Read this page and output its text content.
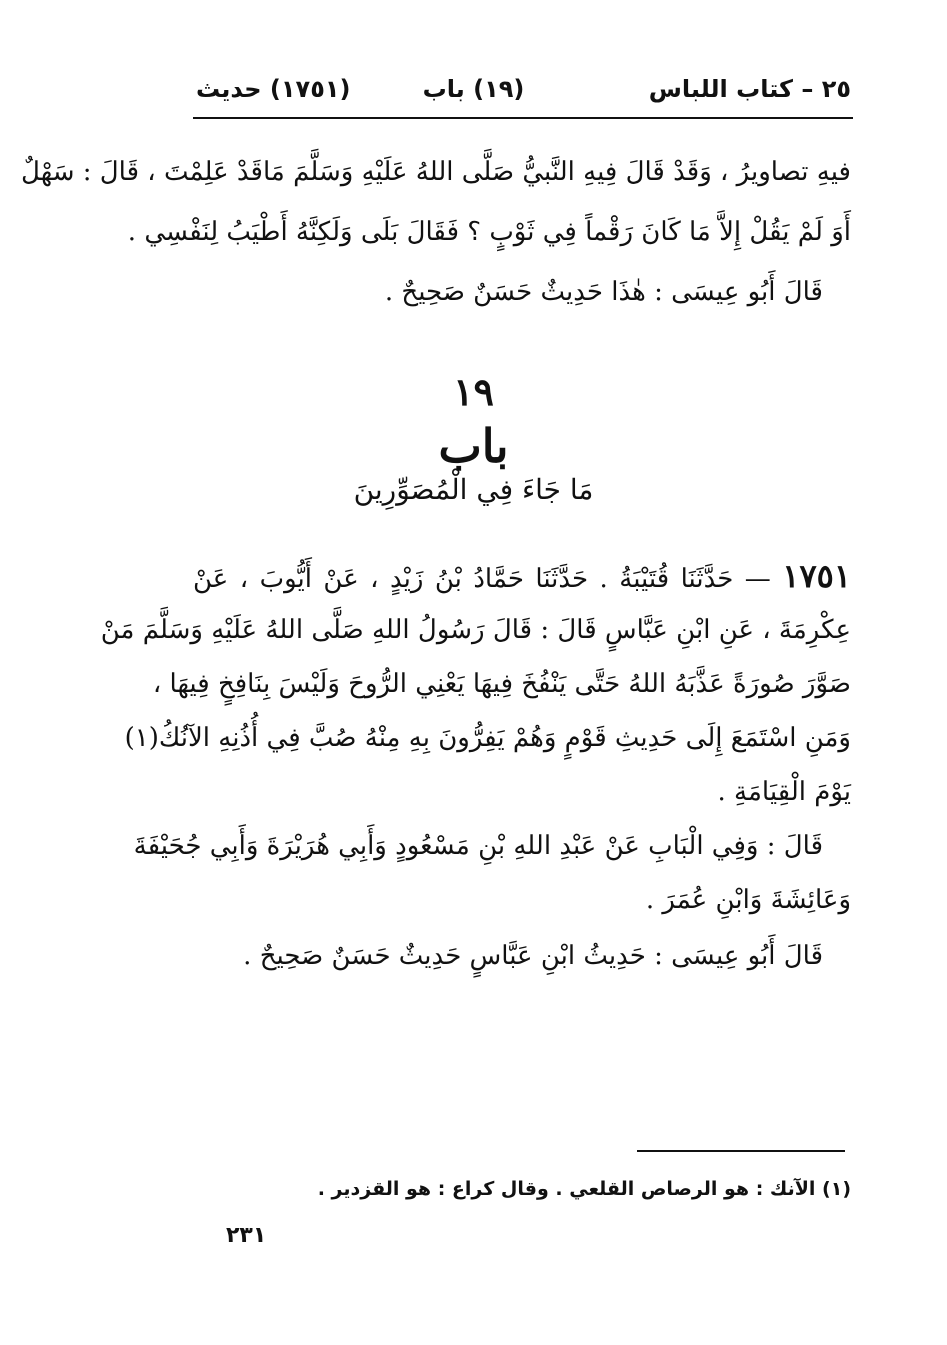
٢٥ – كتاب اللباس
(١٩) باب
(١٧٥١) حديث
فيهِ تصاويرُ ، وَقَدْ قَالَ فِيهِ النَّبيُّ صَلَّى اللهُ عَلَيْهِ وَسَلَّمَ مَاقَدْ عَلِمْتَ ، قَالَ : سَهْلٌ
أَوَ لَمْ يَقُلْ إِلاَّ مَا كَانَ رَقْماً فِي ثَوْبٍ ؟ فَقَالَ بَلَى وَلَكِنَّهُ أَطْيَبُ لِنَفْسِي .
قَالَ أَبُو عِيسَى : هٰذَا حَدِيثٌ حَسَنٌ صَحِيحٌ .
١٩
باب
مَا جَاءَ فِي الْمُصَوِّرِينَ
١٧٥١ — حَدَّثَنَا قُتَيْبَةُ . حَدَّثَنَا حَمَّادُ بْنُ زَيْدٍ ، عَنْ أَيُّوبَ ، عَنْ
عِكْرِمَةَ ، عَنِ ابْنِ عَبَّاسٍ قَالَ : قَالَ رَسُولُ اللهِ صَلَّى اللهُ عَلَيْهِ وَسَلَّمَ مَنْ
صَوَّرَ صُورَةً عَذَّبَهُ اللهُ حَتَّى يَنْفُخَ فِيهَا يَعْنِي الرُّوحَ وَلَيْسَ بِنَافِخٍ فِيهَا ،
وَمَنِ اسْتَمَعَ إِلَى حَدِيثِ قَوْمٍ وَهُمْ يَفِرُّونَ بِهِ مِنْهُ صُبَّ فِي أُذُنِهِ الآنُكُ(١)
يَوْمَ الْقِيَامَةِ .
قَالَ : وَفِي الْبَابِ عَنْ عَبْدِ اللهِ بْنِ مَسْعُودٍ وَأَبِي هُرَيْرَةَ وَأَبِي جُحَيْفَةَ
وَعَائِشَةَ وَابْنِ عُمَرَ .
قَالَ أَبُو عِيسَى : حَدِيثُ ابْنِ عَبَّاسٍ حَدِيثٌ حَسَنٌ صَحِيحٌ .
(١) الآنك : هو الرصاص القلعي . وقال كراع : هو القزدير .
٢٣١
